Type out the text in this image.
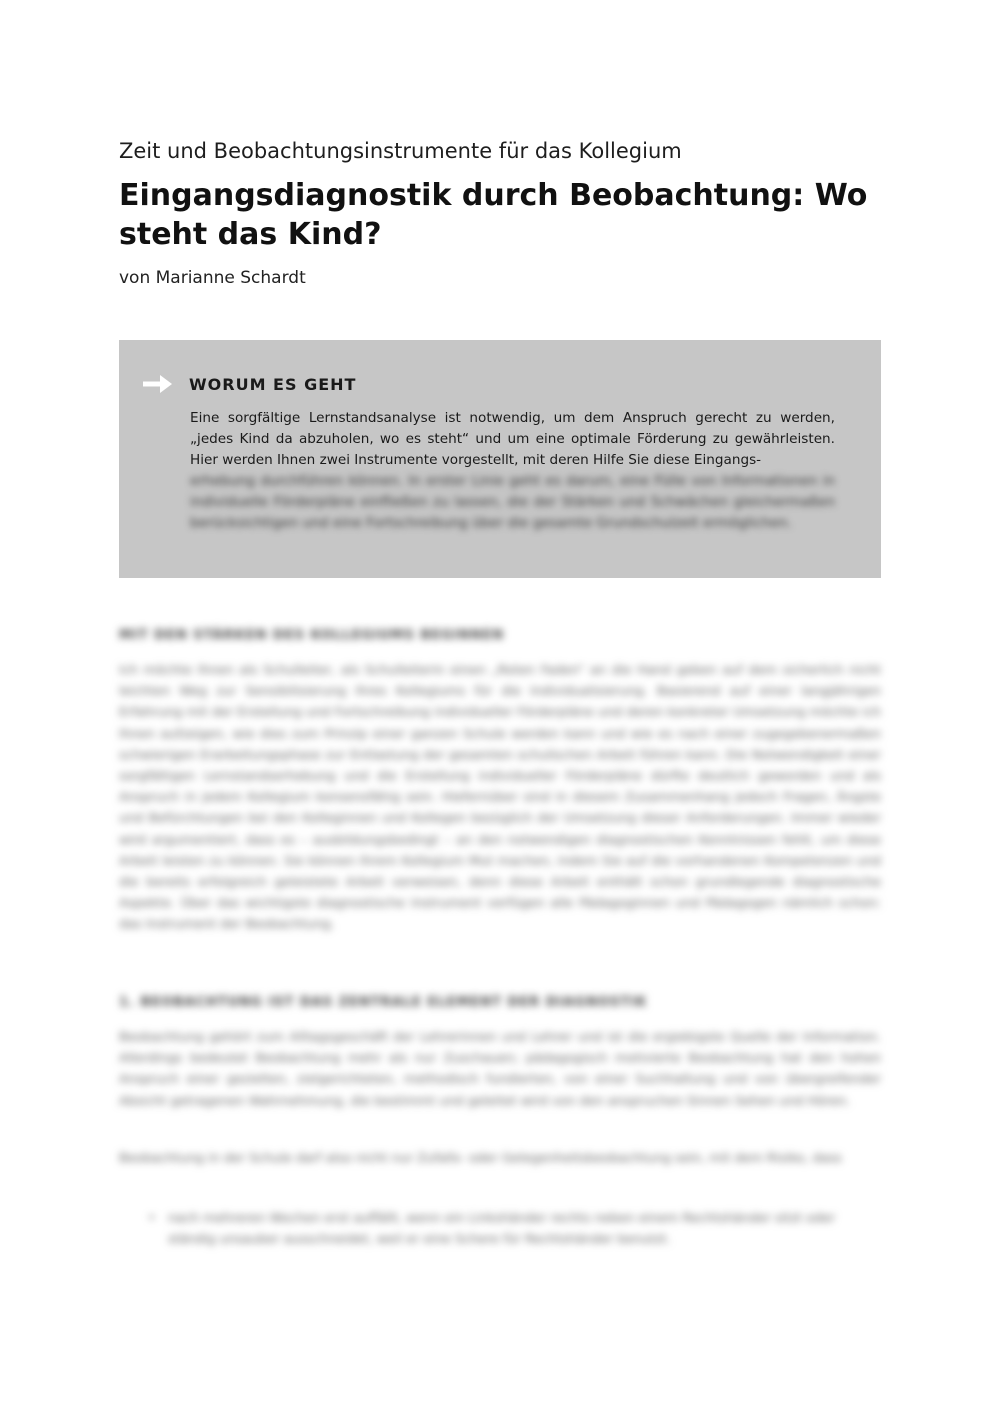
Zeit und Beobachtungsinstrumente für das Kollegium

Eingangsdiagnostik durch Beobachtung: Wo steht das Kind?

von Marianne Schardt

WORUM ES GEHT

Eine sorgfältige Lernstandsanalyse ist notwendig, um dem Anspruch gerecht zu werden, „jedes Kind da abzuholen, wo es steht“ und um eine optimale Förderung zu gewährleisten. Hier werden Ihnen zwei Instrumente vorgestellt, mit deren Hilfe Sie diese Eingangs-

erhebung durchführen können. In erster Linie geht es darum, eine Fülle von Informationen in individuelle Förderpläne einfließen zu lassen, die der Stärken und Schwächen gleichermaßen berücksichtigen und eine Fortschreibung über die gesamte Grundschulzeit ermöglichen.

MIT DEN STÄRKEN DES KOLLEGIUMS BEGINNEN

Ich möchte Ihnen als Schulleiter, als Schulleiterin einen „Roten Faden“ an die Hand geben auf dem sicherlich nicht leichten Weg zur Sensibilisierung Ihres Kollegiums für die Individualisierung. Basierend auf einer langjährigen Erfahrung mit der Erstellung und Fortschreibung individueller Förderpläne und deren konkreter Umsetzung möchte ich Ihnen aufzeigen, wie dies zum Prinzip einer ganzen Schule werden kann und wie es nach einer zugegebenermaßen schwierigen Erarbeitungsphase zur Entlastung der gesamten schulischen Arbeit führen kann. Die Notwendigkeit einer sorgfältigen Lernstandserhebung und die Erstellung individueller Förderpläne dürfte deutlich geworden und als Anspruch in jedem Kollegium konsensfähig sein. Hiefernüber sind in diesem Zusammenhang jedoch Fragen, Ängste und Befürchtungen bei den Kolleginnen und Kollegen bezüglich der Umsetzung dieser Anforderungen. Immer wieder wird argumentiert, dass es – ausbildungsbedingt – an den notwendigen diagnostischen Kenntnissen fehlt, um diese Arbeit leisten zu können. Sie können Ihrem Kollegium Mut machen, indem Sie auf die vorhandenen Kompetenzen und die bereits erfolgreich geleistete Arbeit verweisen, denn diese Arbeit enthält schon grundlegende diagnostische Aspekte. Über das wichtigste diagnostische Instrument verfügen alle Pädagoginnen und Pädagogen nämlich schon: das Instrument der Beobachtung.

1. BEOBACHTUNG IST DAS ZENTRALE ELEMENT DER DIAGNOSTIK

Beobachtung gehört zum Alltagsgeschäft der Lehrerinnen und Lehrer und ist die ergiebigste Quelle der Information. Allerdings bedeutet Beobachtung mehr als nur Zuschauen; pädagogisch motivierte Beobachtung hat den hohen Anspruch einer gezielten, zielgerichteten, methodisch fundierten, von einer Suchhaltung und von übergreifender Absicht getragenen Wahrnehmung, die bestimmt und geleitet wird von den anspruchen Sinnen Sehen und Hören.

Beobachtung in der Schule darf also nicht nur Zufalls- oder Gelegenheitsbeobachtung sein, mit dem Risiko, dass

• nach mehreren Wochen erst auffällt, wenn ein Linkshänder rechts neben einem Rechtshänder sitzt oder ständig unsauber ausschneidet, weil er eine Schere für Rechtshänder benutzt.
